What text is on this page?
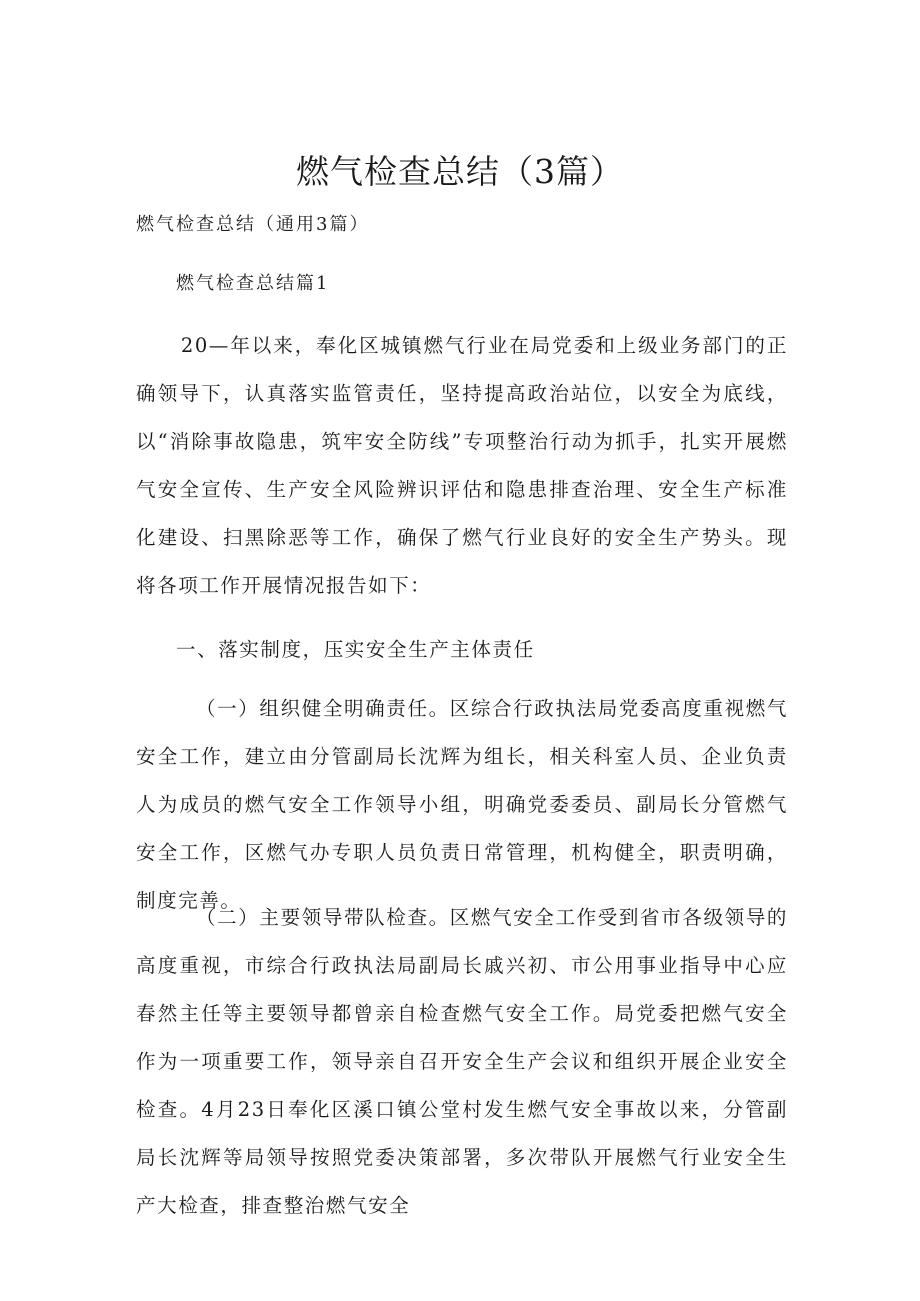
燃气检查总结（3篇）

燃气检查总结（通用3篇）

燃气检查总结篇1

20—年以来，奉化区城镇燃气行业在局党委和上级业务部门的正确领导下，认真落实监管责任，坚持提高政治站位，以安全为底线，以“消除事故隐患，筑牢安全防线”专项整治行动为抓手，扎实开展燃气安全宣传、生产安全风险辨识评估和隐患排查治理、安全生产标准化建设、扫黑除恶等工作，确保了燃气行业良好的安全生产势头。现将各项工作开展情况报告如下：

一、落实制度，压实安全生产主体责任

（一）组织健全明确责任。区综合行政执法局党委高度重视燃气安全工作，建立由分管副局长沈辉为组长，相关科室人员、企业负责人为成员的燃气安全工作领导小组，明确党委委员、副局长分管燃气安全工作，区燃气办专职人员负责日常管理，机构健全，职责明确，制度完善。

（二）主要领导带队检查。区燃气安全工作受到省市各级领导的高度重视，市综合行政执法局副局长戚兴初、市公用事业指导中心应春然主任等主要领导都曾亲自检查燃气安全工作。局党委把燃气安全作为一项重要工作，领导亲自召开安全生产会议和组织开展企业安全检查。4月23日奉化区溪口镇公堂村发生燃气安全事故以来，分管副局长沈辉等局领导按照党委决策部署，多次带队开展燃气行业安全生产大检查，排查整治燃气安全
